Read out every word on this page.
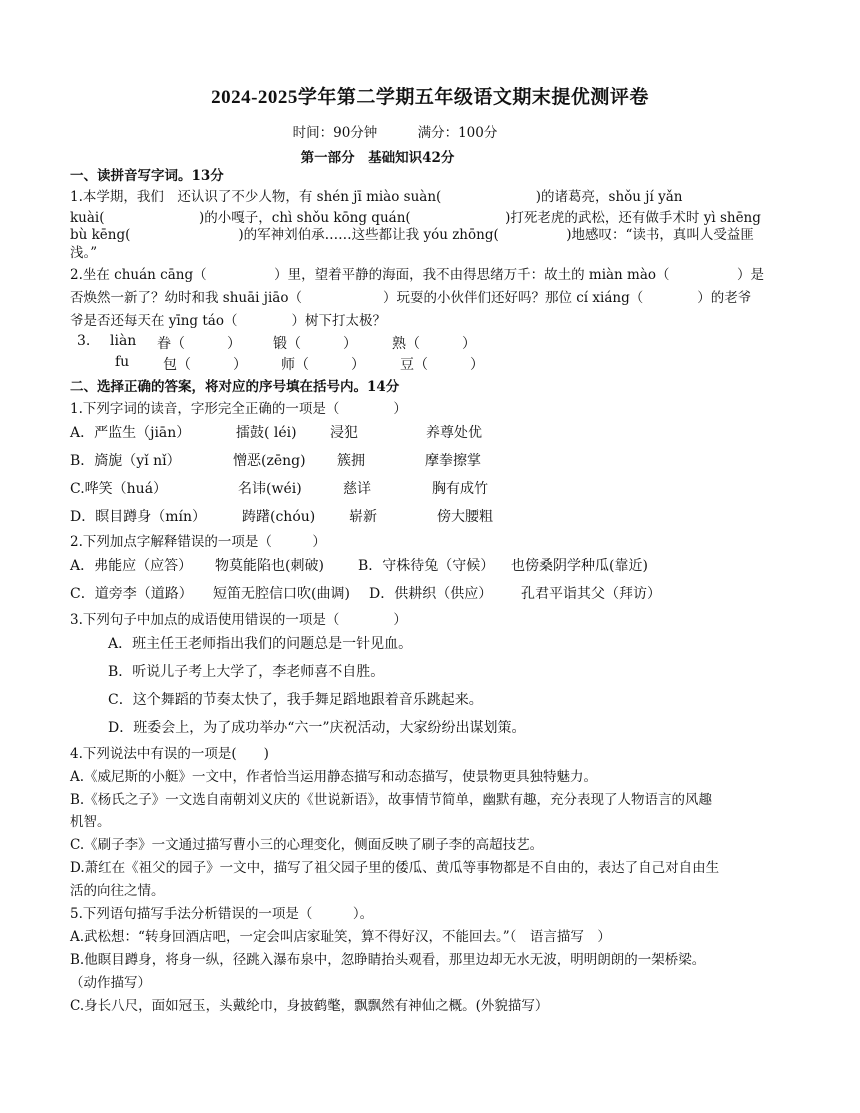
2024-2025学年第二学期五年级语文期末提优测评卷
时间：90分钟	满分：100分
第一部分　基础知识42分
一、读拼音写字词。13分
1.本学期，我们　还认识了不少人物，有 shén jī miào suàn(　　　　　　　)的诸葛亮，shǒu jí yǎn
kuài(　　　　　　　)的小嘎子，chì shǒu kōng quán(　　　　　　　)打死老虎的武松，还有做手术时 yì shēng
bù kēng(　　　　　　　　)的军神刘伯承……这些都让我 yóu zhōng(　　　　　)地感叹：“读书，真叫人受益匪
浅。”
2.坐在 chuán cāng（　　　　　）里，望着平静的海面，我不由得思绪万千：故土的 miàn mào（　　　　　）是
否焕然一新了？幼时和我 shuāi jiāo（　　　　　　）玩耍的小伙伴们还好吗？那位 cí xiáng（　　　　）的老爷
爷是否还每天在 yīng táo（　　　　）树下打太极？
3. liàn 眷（　　　） 锻（　　　）	熟（　　　）
fu 包（　　　） 师（　　　）	豆（　　　）
二、选择正确的答案，将对应的序号填在括号内。14分
1.下列字词的读音，字形完全正确的一项是（　　　　）
A．严监生（jiān）	擂鼓( léi) 浸犯	养尊处优
B．旖旎（yǐ nǐ）	憎恶(zēng) 簇拥	摩拳擦掌
C.哗笑（huá）	名讳(wéi)	慈详	胸有成竹
D．瞑目蹲身（mín）	踌躇(chóu) 崭新	傍大腰粗
2.下列加点字解释错误的一项是（　　　）
A．弗能应（应答） 物莫能陷也(刺破) B．守株待兔（守候） 也傍桑阴学种瓜(靠近)
C．道旁李（道路） 短笛无腔信口吹(曲调) D．供耕织（供应） 孔君平诣其父（拜访）
3.下列句子中加点的成语使用错误的一项是（　　　　）
A．班主任王老师指出我们的问题总是一针见血。
B．听说儿子考上大学了，李老师喜不自胜。
C．这个舞蹈的节奏太快了，我手舞足蹈地跟着音乐跳起来。
D．班委会上，为了成功举办“六一”庆祝活动，大家纷纷出谋划策。
4.下列说法中有误的一项是(　　)
A.《威尼斯的小艇》一文中，作者恰当运用静态描写和动态描写，使景物更具独特魅力。
B.《杨氏之子》一文选自南朝刘义庆的《世说新语》，故事情节简单，幽默有趣，充分表现了人物语言的风趣
机智。
C.《刷子李》一文通过描写曹小三的心理变化，侧面反映了刷子李的高超技艺。
D.萧红在《祖父的园子》一文中，描写了祖父园子里的倭瓜、黄瓜等事物都是不自由的，表达了自己对自由生
活的向往之情。
5.下列语句描写手法分析错误的一项是（　　　）。
A.武松想：“转身回酒店吧，一定会叫店家耻笑，算不得好汉，不能回去。”（　语言描写　）
B.他瞑目蹲身，将身一纵，径跳入瀑布泉中，忽睁睛抬头观看，那里边却无水无波，明明朗朗的一架桥梁。
（动作描写）
C.身长八尺，面如冠玉，头戴纶巾，身披鹤氅，飘飘然有神仙之概。(外貌描写）
